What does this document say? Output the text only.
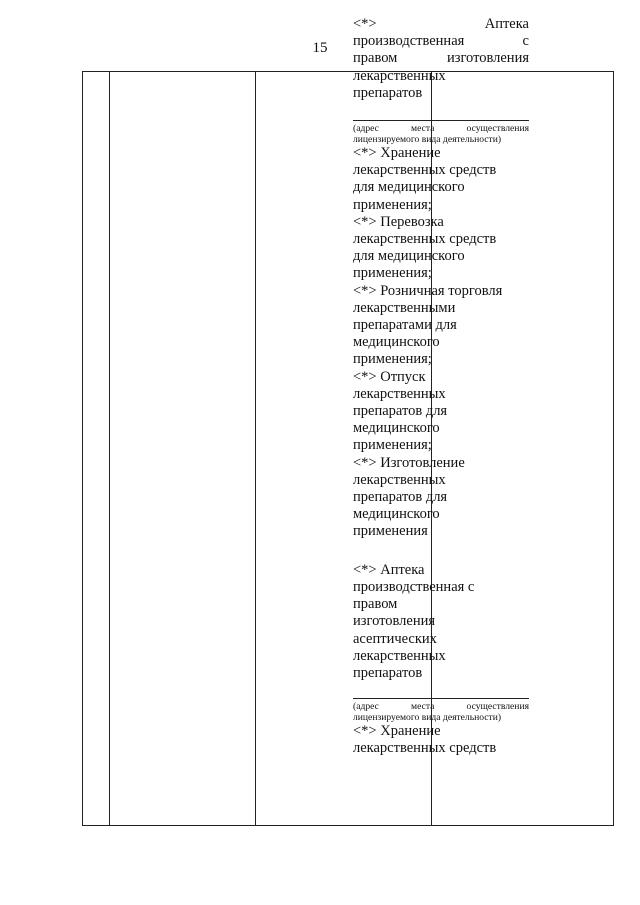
15

<*> Аптека

производственная с

правом изготовления

лекарственных

препаратов

(адрес места осуществления
лицензируемого вида деятельности)

<*> Хранение

лекарственных средств

для медицинского

применения;

<*> Перевозка

лекарственных средств

для медицинского

применения;

<*> Розничная торговля

лекарственными

препаратами для

медицинского

применения;

<*> Отпуск

лекарственных

препаратов для

медицинского

применения;

<*> Изготовление

лекарственных

препаратов для

медицинского

применения

<*> Аптека

производственная с

правом

изготовления

асептических

лекарственных

препаратов

(адрес места осуществления
лицензируемого вида деятельности)

<*> Хранение

лекарственных средств
